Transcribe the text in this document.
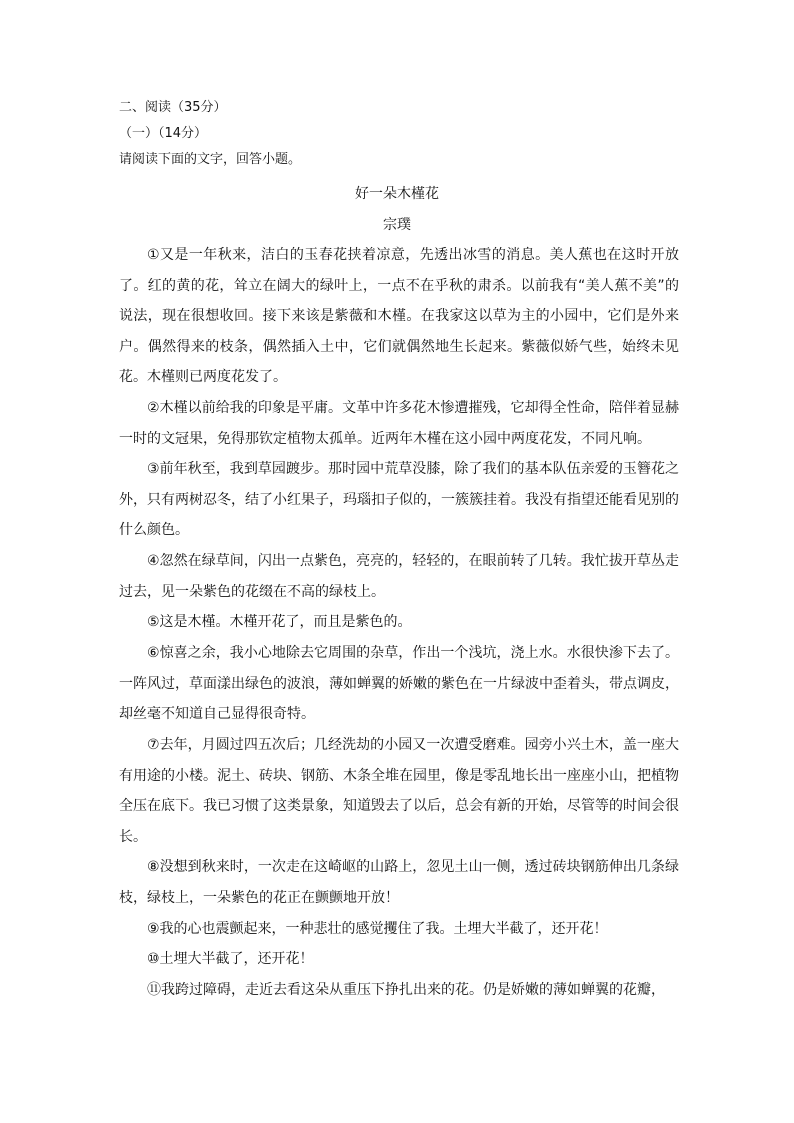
二、阅读（35分）
（一）（14分）
请阅读下面的文字，回答小题。
好一朵木槿花
宗璞

①又是一年秋来，洁白的玉春花挟着凉意，先透出冰雪的消息。美人蕉也在这时开放了。红的黄的花，耸立在阔大的绿叶上，一点不在乎秋的肃杀。以前我有“美人蕉不美”的说法，现在很想收回。接下来该是紫薇和木槿。在我家这以草为主的小园中，它们是外来户。偶然得来的枝条，偶然插入土中，它们就偶然地生长起来。紫薇似娇气些，始终未见花。木槿则已两度花发了。

②木槿以前给我的印象是平庸。文革中许多花木惨遭摧残，它却得全性命，陪伴着显赫一时的文冠果，免得那钦定植物太孤单。近两年木槿在这小园中两度花发，不同凡响。

③前年秋至，我到草园踱步。那时园中荒草没膝，除了我们的基本队伍亲爱的玉簪花之外，只有两树忍冬，结了小红果子，玛瑙扣子似的，一簇簇挂着。我没有指望还能看见别的什么颜色。

④忽然在绿草间，闪出一点紫色，亮亮的，轻轻的，在眼前转了几转。我忙拔开草丛走过去，见一朵紫色的花缀在不高的绿枝上。

⑤这是木槿。木槿开花了，而且是紫色的。

⑥惊喜之余，我小心地除去它周围的杂草，作出一个浅坑，浇上水。水很快渗下去了。一阵风过，草面漾出绿色的波浪，薄如蝉翼的娇嫩的紫色在一片绿波中歪着头，带点调皮，却丝毫不知道自己显得很奇特。

⑦去年，月圆过四五次后；几经洗劫的小园又一次遭受磨难。园旁小兴土木，盖一座大有用途的小楼。泥土、砖块、钢筋、木条全堆在园里，像是零乱地长出一座座小山，把植物全压在底下。我已习惯了这类景象，知道毁去了以后，总会有新的开始，尽管等的时间会很长。

⑧没想到秋来时，一次走在这崎岖的山路上，忽见土山一侧，透过砖块钢筋伸出几条绿枝，绿枝上，一朵紫色的花正在颤颤地开放！

⑨我的心也震颤起来，一种悲壮的感觉攫住了我。土埋大半截了，还开花！

⑩土埋大半截了，还开花！

⑪我跨过障碍，走近去看这朵从重压下挣扎出来的花。仍是娇嫩的薄如蝉翼的花瓣，
